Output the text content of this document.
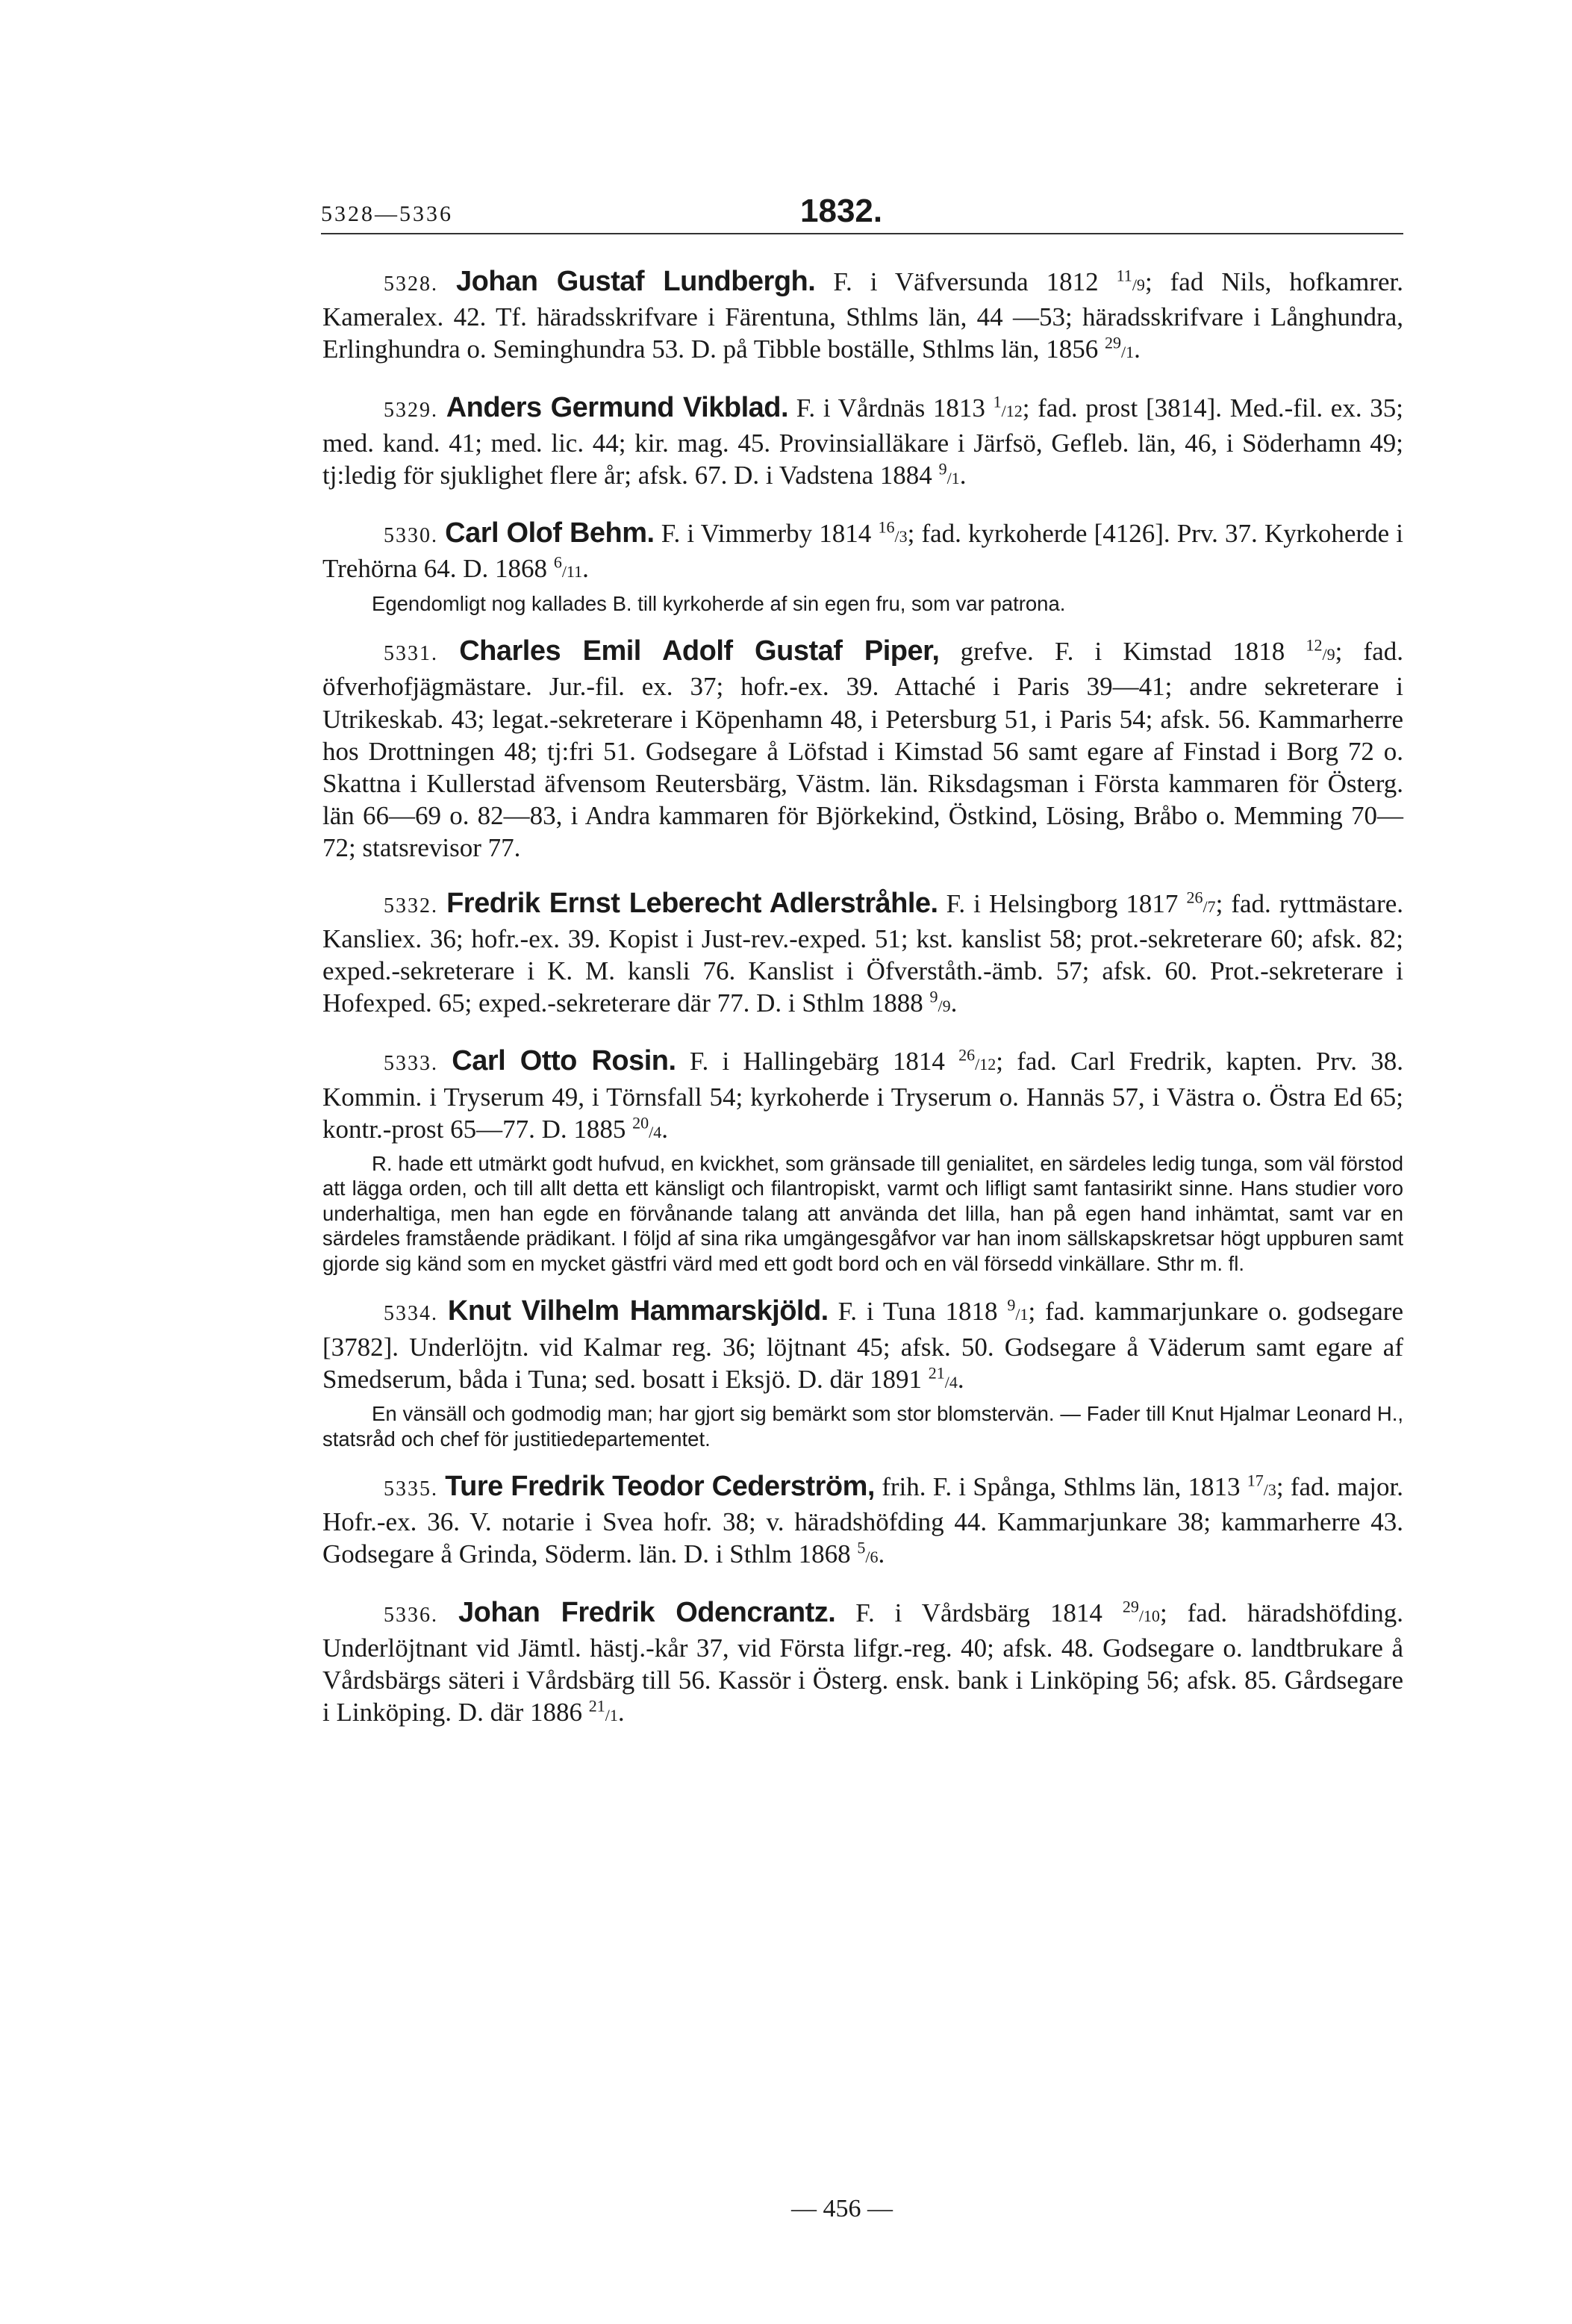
5328—5336	1832.

5328. Johan Gustaf Lundbergh. F. i Väfversunda 1812 $^{11}$/9; fad Nils, hofkamrer. Kameralex. 42. Tf. häradsskrifvare i Färentuna, Sthlms län, 44 —53; häradsskrifvare i Långhundra, Erlinghundra o. Seminghundra 53. D. på Tibble boställe, Sthlms län, 1856 $^{29}$/1.

5329. Anders Germund Vikblad. F. i Vårdnäs 1813 $^1$/12; fad. prost [3814]. Med.-fil. ex. 35; med. kand. 41; med. lic. 44; kir. mag. 45. Provinsialläkare i Järfsö, Gefleb. län, 46, i Söderhamn 49; tj:ledig för sjuklighet flere år; afsk. 67. D. i Vadstena 1884 $^9$/1.

5330. Carl Olof Behm. F. i Vimmerby 1814 $^{16}$/3; fad. kyrkoherde [4126]. Prv. 37. Kyrkoherde i Trehörna 64. D. 1868 $^6$/11.

Egendomligt nog kallades B. till kyrkoherde af sin egen fru, som var patrona.

5331. Charles Emil Adolf Gustaf Piper, grefve. F. i Kimstad 1818 $^{12}$/9; fad. öfverhofjägmästare. Jur.-fil. ex. 37; hofr.-ex. 39. Attaché i Paris 39—41; andre sekreterare i Utrikeskab. 43; legat.-sekreterare i Köpenhamn 48, i Petersburg 51, i Paris 54; afsk. 56. Kammarherre hos Drottningen 48; tj:fri 51. Godsegare å Löfstad i Kimstad 56 samt egare af Finstad i Borg 72 o. Skattna i Kullerstad äfvensom Reutersbärg, Västm. län. Riksdagsman i Första kammaren för Österg. län 66—69 o. 82—83, i Andra kammaren för Björkekind, Östkind, Lösing, Bråbo o. Memming 70—72; statsrevisor 77.

5332. Fredrik Ernst Leberecht Adlerstråhle. F. i Helsingborg 1817 $^{26}$/7; fad. ryttmästare. Kansliex. 36; hofr.-ex. 39. Kopist i Just-rev.-exped. 51; kst. kanslist 58; prot.-sekreterare 60; afsk. 82; exped.-sekreterare i K. M. kansli 76. Kanslist i Öfverståth.-ämb. 57; afsk. 60. Prot.-sekreterare i Hofexped. 65; exped.-sekreterare där 77. D. i Sthlm 1888 $^9$/9.

5333. Carl Otto Rosin. F. i Hallingebärg 1814 $^{26}$/12; fad. Carl Fredrik, kapten. Prv. 38. Kommin. i Tryserum 49, i Törnsfall 54; kyrkoherde i Tryserum o. Hannäs 57, i Västra o. Östra Ed 65; kontr.-prost 65—77. D. 1885 $^{20}$/4.

R. hade ett utmärkt godt hufvud, en kvickhet, som gränsade till genialitet, en särdeles ledig tunga, som väl förstod att lägga orden, och till allt detta ett känsligt och filantropiskt, varmt och lifligt samt fantasirikt sinne. Hans studier voro underhaltiga, men han egde en förvånande talang att använda det lilla, han på egen hand inhämtat, samt var en särdeles framstående prädikant. I följd af sina rika umgängesgåfvor var han inom sällskapskretsar högt uppburen samt gjorde sig känd som en mycket gästfri värd med ett godt bord och en väl försedd vinkällare. Sthr m. fl.

5334. Knut Vilhelm Hammarskjöld. F. i Tuna 1818 $^9$/1; fad. kammarjunkare o. godsegare [3782]. Underlöjtn. vid Kalmar reg. 36; löjtnant 45; afsk. 50. Godsegare å Väderum samt egare af Smedserum, båda i Tuna; sed. bosatt i Eksjö. D. där 1891 $^{21}$/4.

En vänsäll och godmodig man; har gjort sig bemärkt som stor blomstervän. — Fader till Knut Hjalmar Leonard H., statsråd och chef för justitiedepartementet.

5335. Ture Fredrik Teodor Cederström, frih. F. i Spånga, Sthlms län, 1813 $^{17}$/3; fad. major. Hofr.-ex. 36. V. notarie i Svea hofr. 38; v. häradshöfding 44. Kammarjunkare 38; kammarherre 43. Godsegare å Grinda, Söderm. län. D. i Sthlm 1868 $^5$/6.

5336. Johan Fredrik Odencrantz. F. i Vårdsbärg 1814 $^{29}$/10; fad. häradshöfding. Underlöjtnant vid Jämtl. hästj.-kår 37, vid Första lifgr.-reg. 40; afsk. 48. Godsegare o. landtbrukare å Vårdsbärgs säteri i Vårdsbärg till 56. Kassör i Österg. ensk. bank i Linköping 56; afsk. 85. Gårdsegare i Linköping. D. där 1886 $^{21}$/1.

— 456 —
